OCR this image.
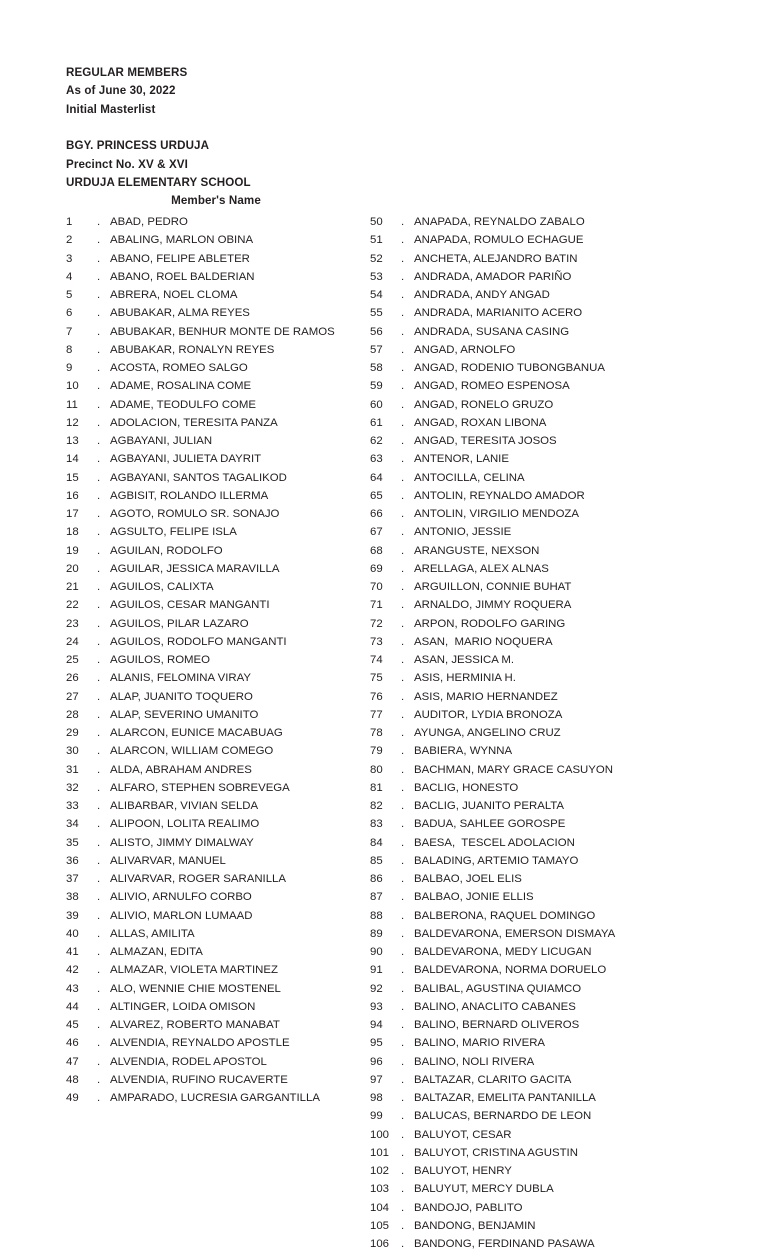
REGULAR MEMBERS
As of June 30, 2022
Initial Masterlist
BGY. PRINCESS URDUJA
Precinct No. XV & XVI
URDUJA ELEMENTARY SCHOOL
Member's Name
1	. ABAD, PEDRO
2	. ABALING, MARLON OBINA
3	. ABANO, FELIPE ABLETER
4	. ABANO, ROEL BALDERIAN
5	. ABRERA, NOEL CLOMA
6	. ABUBAKAR, ALMA REYES
7	. ABUBAKAR, BENHUR MONTE DE RAMOS
8	. ABUBAKAR, RONALYN REYES
9	. ACOSTA, ROMEO SALGO
10	. ADAME, ROSALINA COME
11	. ADAME, TEODULFO COME
12	. ADOLACION, TERESITA PANZA
13	. AGBAYANI, JULIAN
14	. AGBAYANI, JULIETA DAYRIT
15	. AGBAYANI, SANTOS TAGALIKOD
16	. AGBISIT, ROLANDO ILLERMA
17	. AGOTO, ROMULO SR. SONAJO
18	. AGSULTO, FELIPE ISLA
19	. AGUILAN, RODOLFO
20	. AGUILAR, JESSICA MARAVILLA
21	. AGUILOS, CALIXTA
22	. AGUILOS, CESAR MANGANTI
23	. AGUILOS, PILAR LAZARO
24	. AGUILOS, RODOLFO MANGANTI
25	. AGUILOS, ROMEO
26	. ALANIS, FELOMINA VIRAY
27	. ALAP, JUANITO TOQUERO
28	. ALAP, SEVERINO UMANITO
29	. ALARCON, EUNICE MACABUAG
30	. ALARCON, WILLIAM COMEGO
31	. ALDA, ABRAHAM ANDRES
32	. ALFARO, STEPHEN SOBREVEGA
33	. ALIBARBAR, VIVIAN SELDA
34	. ALIPOON, LOLITA REALIMO
35	. ALISTO, JIMMY DIMALWAY
36	. ALIVARVAR, MANUEL
37	. ALIVARVAR, ROGER SARANILLA
38	. ALIVIO, ARNULFO CORBO
39	. ALIVIO, MARLON LUMAAD
40	. ALLAS, AMILITA
41	. ALMAZAN, EDITA
42	. ALMAZAR, VIOLETA MARTINEZ
43	. ALO, WENNIE CHIE MOSTENEL
44	. ALTINGER, LOIDA OMISON
45	. ALVAREZ, ROBERTO MANABAT
46	. ALVENDIA, REYNALDO APOSTLE
47	. ALVENDIA, RODEL APOSTOL
48	. ALVENDIA, RUFINO RUCAVERTE
49	. AMPARADO, LUCRESIA GARGANTILLA
50	. ANAPADA, REYNALDO ZABALO
51	. ANAPADA, ROMULO ECHAGUE
52	. ANCHETA, ALEJANDRO BATIN
53	. ANDRADA, AMADOR PARIÑO
54	. ANDRADA, ANDY ANGAD
55	. ANDRADA, MARIANITO ACERO
56	. ANDRADA, SUSANA CASING
57	. ANGAD, ARNOLFO
58	. ANGAD, RODENIO TUBONGBANUA
59	. ANGAD, ROMEO ESPENOSA
60	. ANGAD, RONELO GRUZO
61	. ANGAD, ROXAN LIBONA
62	. ANGAD, TERESITA JOSOS
63	. ANTENOR, LANIE
64	. ANTOCILLA, CELINA
65	. ANTOLIN, REYNALDO AMADOR
66	. ANTOLIN, VIRGILIO MENDOZA
67	. ANTONIO, JESSIE
68	. ARANGUSTE, NEXSON
69	. ARELLAGA, ALEX ALNAS
70	. ARGUILLON, CONNIE BUHAT
71	. ARNALDO, JIMMY ROQUERA
72	. ARPON, RODOLFO GARING
73	. ASAN,  MARIO NOQUERA
74	. ASAN, JESSICA M.
75	. ASIS, HERMINIA H.
76	. ASIS, MARIO HERNANDEZ
77	. AUDITOR, LYDIA BRONOZA
78	. AYUNGA, ANGELINO CRUZ
79	. BABIERA, WYNNA
80	. BACHMAN, MARY GRACE CASUYON
81	. BACLIG, HONESTO
82	. BACLIG, JUANITO PERALTA
83	. BADUA, SAHLEE GOROSPE
84	. BAESA,  TESCEL ADOLACION
85	. BALADING, ARTEMIO TAMAYO
86	. BALBAO, JOEL ELIS
87	. BALBAO, JONIE ELLIS
88	. BALBERONA, RAQUEL DOMINGO
89	. BALDEVARONA, EMERSON DISMAYA
90	. BALDEVARONA, MEDY LICUGAN
91	. BALDEVARONA, NORMA DORUELO
92	. BALIBAL, AGUSTINA QUIAMCO
93	. BALINO, ANACLITO CABANES
94	. BALINO, BERNARD OLIVEROS
95	. BALINO, MARIO RIVERA
96	. BALINO, NOLI RIVERA
97	. BALTAZAR, CLARITO GACITA
98	. BALTAZAR, EMELITA PANTANILLA
99	. BALUCAS, BERNARDO DE LEON
100	. BALUYOT, CESAR
101	. BALUYOT, CRISTINA AGUSTIN
102	. BALUYOT, HENRY
103	. BALUYUT, MERCY DUBLA
104	. BANDOJO, PABLITO
105	. BANDONG, BENJAMIN
106	. BANDONG, FERDINAND PASAWA
